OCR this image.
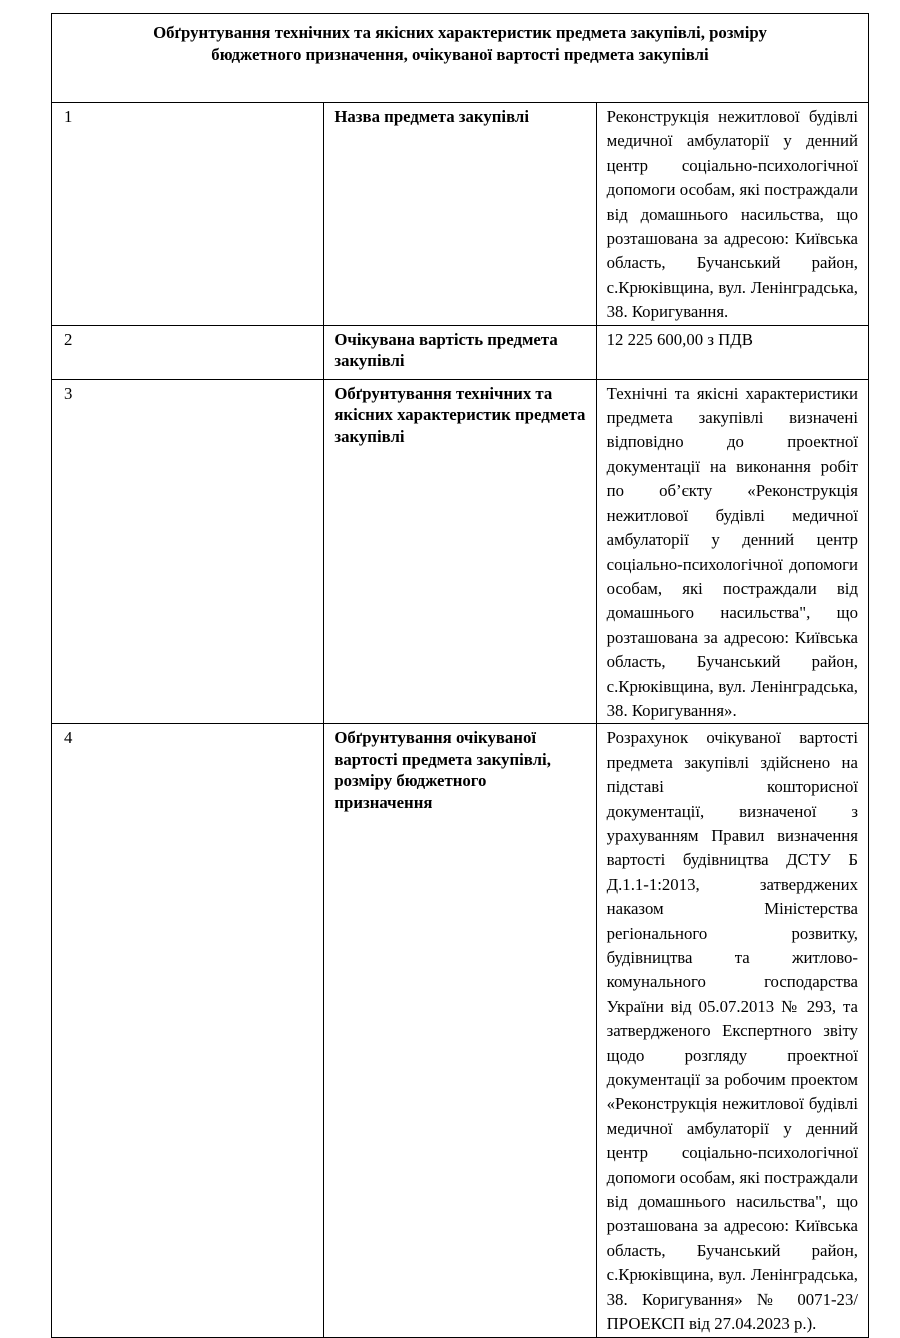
Обґрунтування технічних та якісних характеристик предмета закупівлі, розміру
бюджетного призначення, очікуваної вартості предмета закупівлі		

1	Назва предмета закупівлі	Реконструкція нежитлової будівлі медичної амбулаторії у денний центр соціально-психологічної допомоги особам, які постраждали від домашнього насильства, що розташована за адресою: Київська область, Бучанський район, с.Крюківщина, вул. Ленінградська, 38. Коригування.
2	Очікувана вартість предмета закупівлі	12 225 600,00 з ПДВ
3	Обґрунтування технічних та якісних характеристик предмета закупівлі	Технічні та якісні характеристики предмета закупівлі визначені відповідно до проектної документації на виконання робіт по об’єкту «Реконструкція нежитлової будівлі медичної амбулаторії у денний центр соціально-психологічної допомоги особам, які постраждали від домашнього насильства", що розташована за адресою: Київська область, Бучанський район, с.Крюківщина, вул. Ленінградська, 38. Коригування».
4	Обґрунтування очікуваної вартості предмета закупівлі, розміру бюджетного призначення	Розрахунок очікуваної вартості предмета закупівлі здійснено на підставі кошторисної документації, визначеної з урахуванням Правил визначення вартості будівництва ДСТУ Б Д.1.1-1:2013, затверджених наказом Міністерства регіонального розвитку, будівництва та житлово-комунального господарства України від 05.07.2013 № 293, та затвердженого Експертного звіту щодо розгляду проектної документації за робочим проектом «Реконструкція нежитлової будівлі медичної амбулаторії у денний центр соціально-психологічної допомоги особам, які постраждали від домашнього насильства", що розташована за адресою: Київська область, Бучанський район, с.Крюківщина, вул. Ленінградська, 38. Коригування» № 0071-23/ПРОЕКСП від 27.04.2023 р.).
